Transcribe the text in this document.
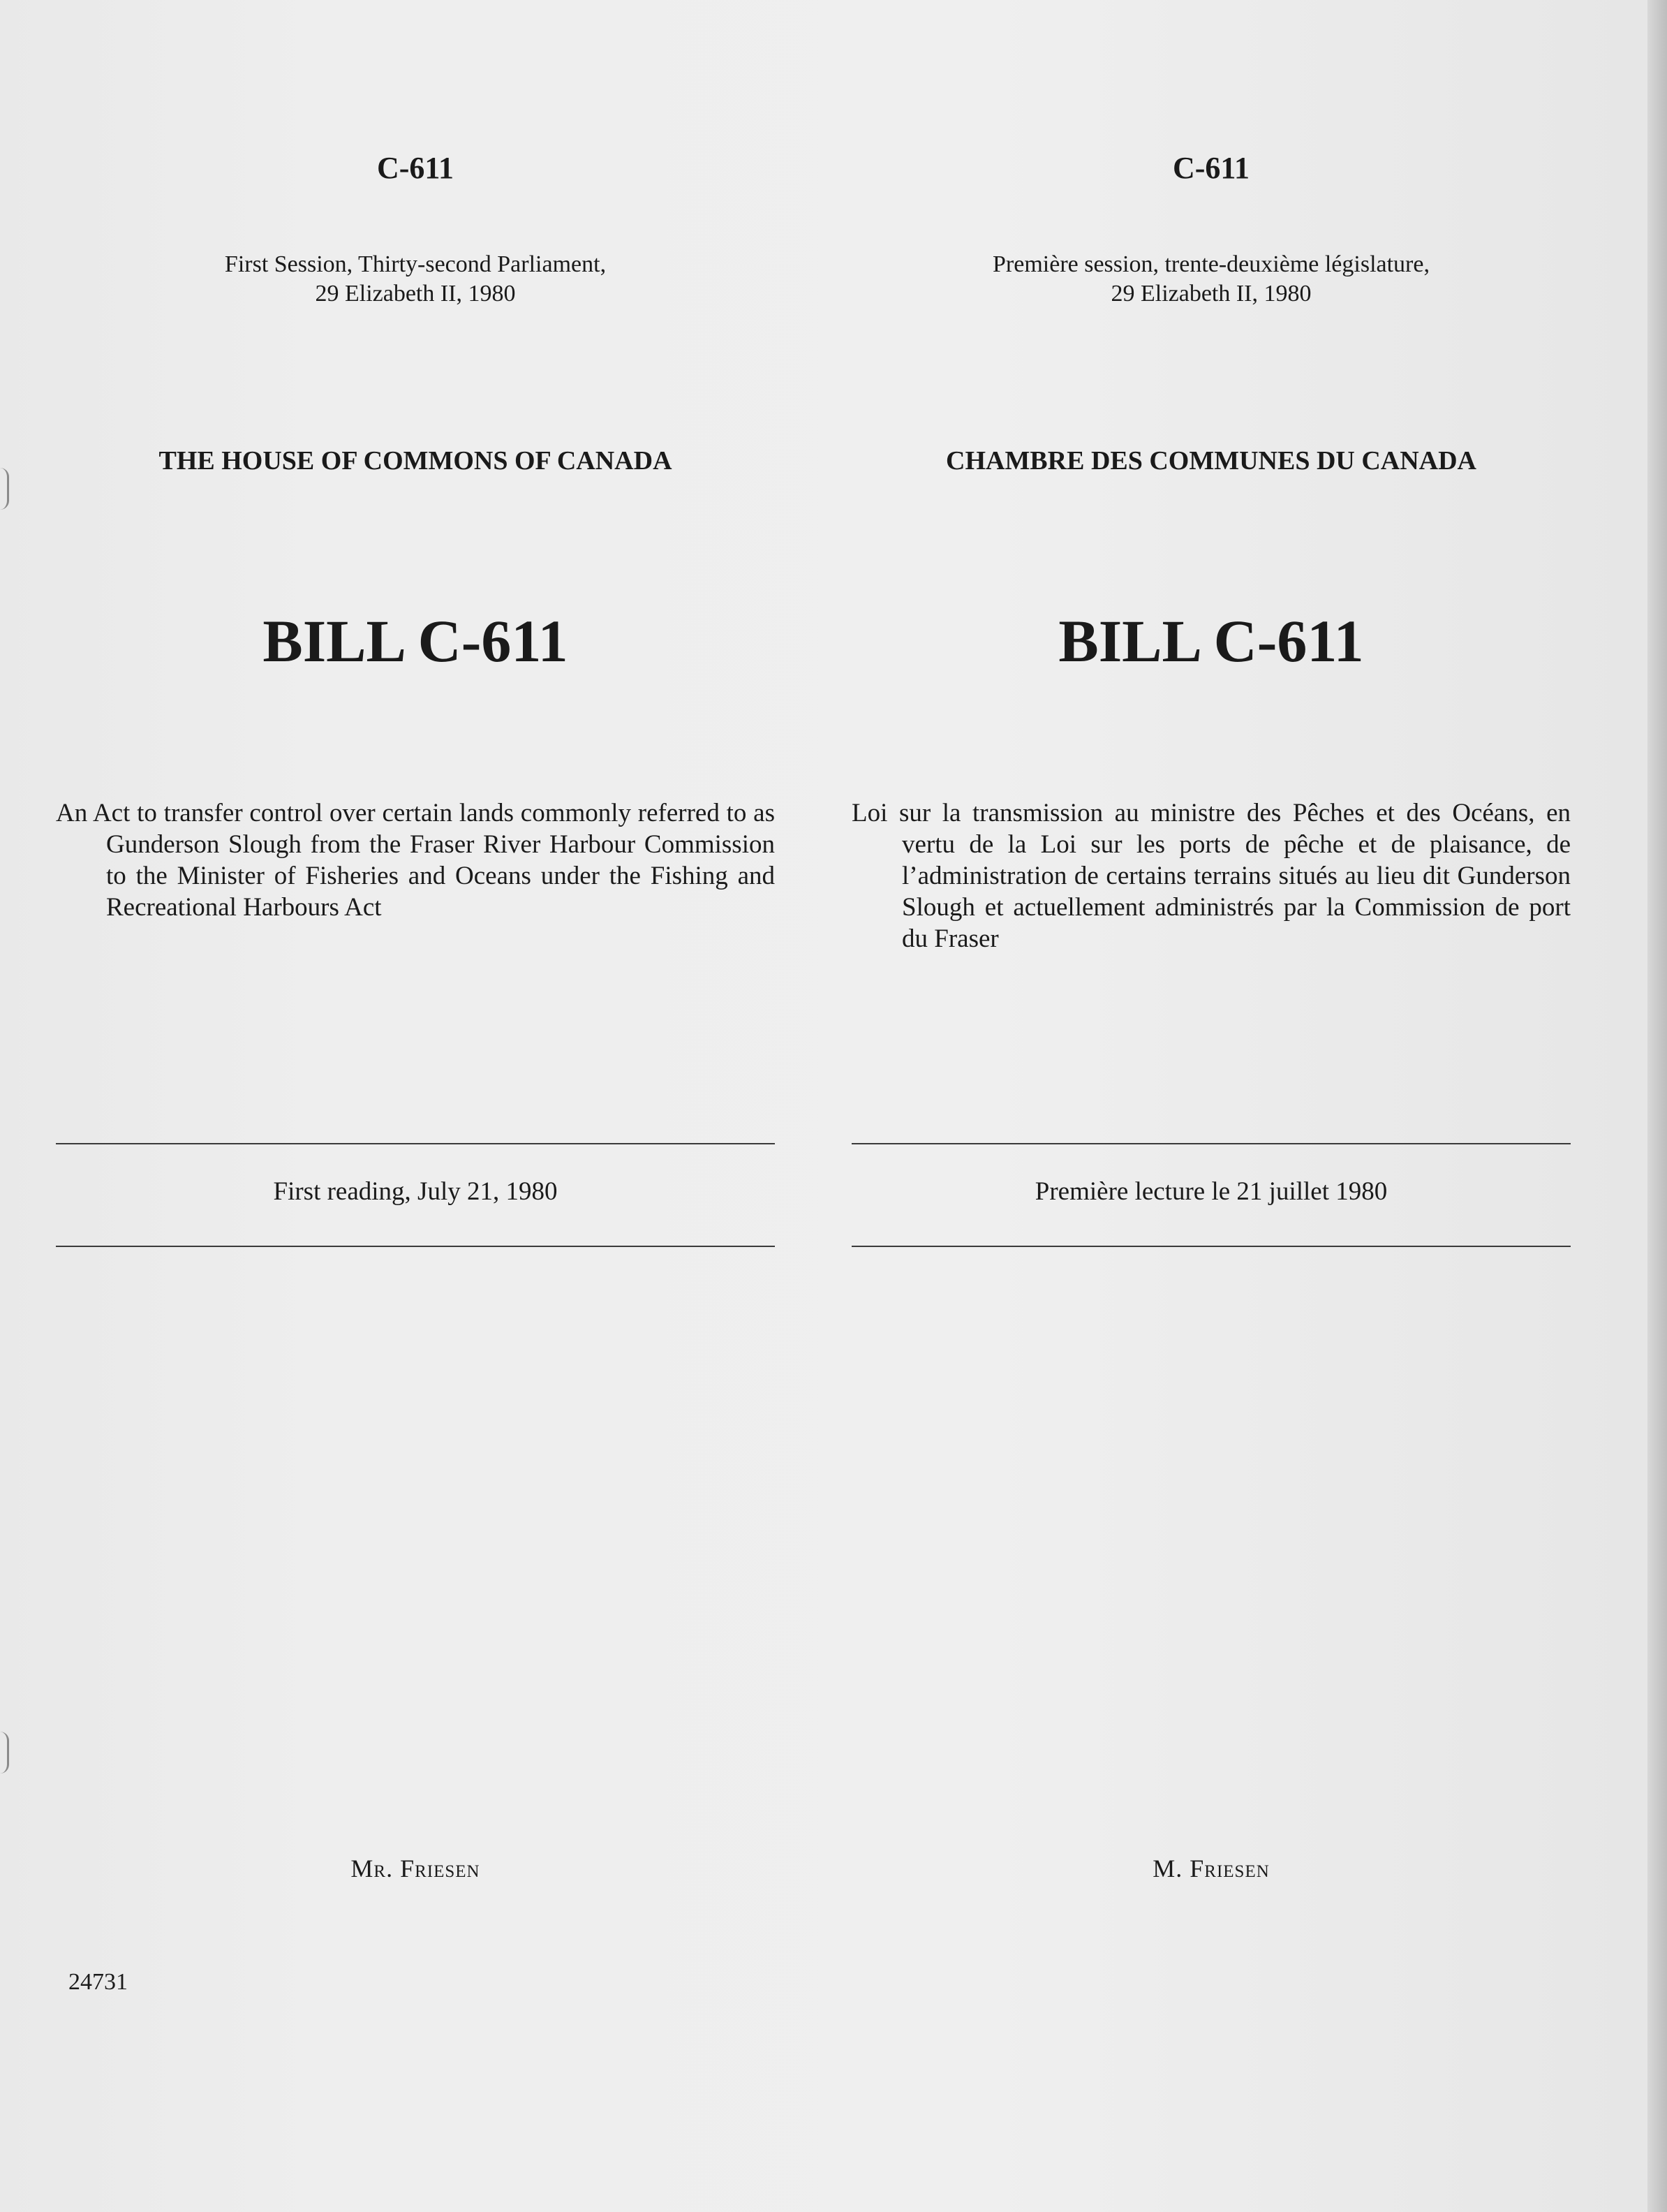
C-611
First Session, Thirty-second Parliament,
29 Elizabeth II, 1980
THE HOUSE OF COMMONS OF CANADA
BILL C-611
An Act to transfer control over certain lands commonly referred to as Gunderson Slough from the Fraser River Harbour Commission to the Minister of Fisheries and Oceans under the Fishing and Recreational Harbours Act
First reading, July 21, 1980
Mr. Friesen
C-611
Première session, trente-deuxième législature,
29 Elizabeth II, 1980
CHAMBRE DES COMMUNES DU CANADA
BILL C-611
Loi sur la transmission au ministre des Pêches et des Océans, en vertu de la Loi sur les ports de pêche et de plaisance, de l’administration de certains terrains situés au lieu dit Gunderson Slough et actuellement administrés par la Commission de port du Fraser
Première lecture le 21 juillet 1980
M. Friesen
24731
